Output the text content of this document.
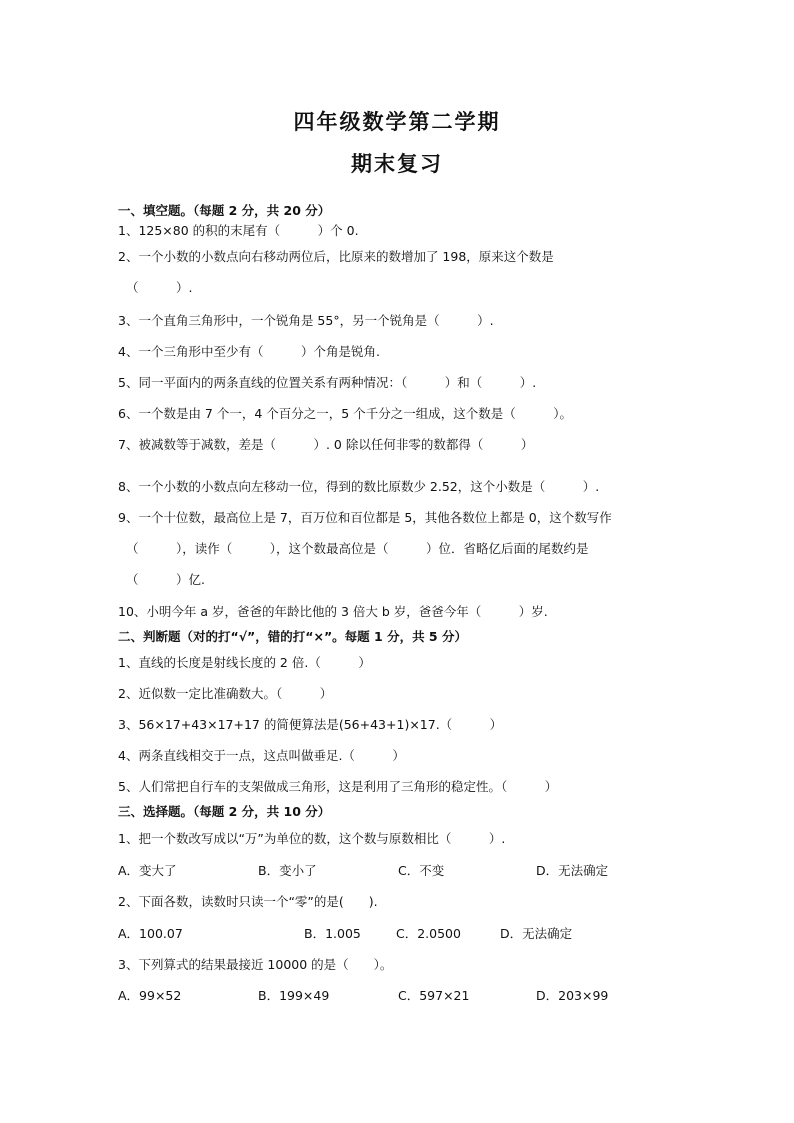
四年级数学第二学期
期末复习
一、填空题。（每题 2 分，共 20 分）
1、125×80 的积的末尾有（　　　）个 0.
2、一个小数的小数点向右移动两位后，比原来的数增加了 198，原来这个数是
（　　　）.
3、一个直角三角形中，一个锐角是 55°，另一个锐角是（　　　）.
4、一个三角形中至少有（　　　）个角是锐角.
5、同一平面内的两条直线的位置关系有两种情况：（　　　）和（　　　）.
6、一个数是由 7 个一，4 个百分之一，5 个千分之一组成，这个数是（　　　）。
7、被减数等于减数，差是（　　　）. 0 除以任何非零的数都得（　　　）
8、一个小数的小数点向左移动一位，得到的数比原数少 2.52，这个小数是（　　　）.
9、一个十位数，最高位上是 7，百万位和百位都是 5，其他各数位上都是 0，这个数写作
（　　　），读作（　　　），这个数最高位是（　　　）位．省略亿后面的尾数约是
（　　　）亿.
10、小明今年 a 岁，爸爸的年龄比他的 3 倍大 b 岁，爸爸今年（　　　）岁.
二、判断题（对的打“√”，错的打“×”。每题 1 分，共 5 分）
1、直线的长度是射线长度的 2 倍.（　　　）
2、近似数一定比准确数大。（　　　）
3、56×17+43×17+17 的简便算法是(56+43+1)×17.（　　　）
4、两条直线相交于一点，这点叫做垂足.（　　　）
5、人们常把自行车的支架做成三角形，这是利用了三角形的稳定性。（　　　）
三、选择题。（每题 2 分，共 10 分）
1、把一个数改写成以“万”为单位的数，这个数与原数相比（　　　）.
A．变大了	B．变小了	C．不变	D．无法确定
2、下面各数，读数时只读一个“零”的是(　　).
A．100.07	B．1.005	C．2.0500	D．无法确定
3、下列算式的结果最接近 10000 的是（　　）。
A．99×52	B．199×49	C．597×21	D．203×99
